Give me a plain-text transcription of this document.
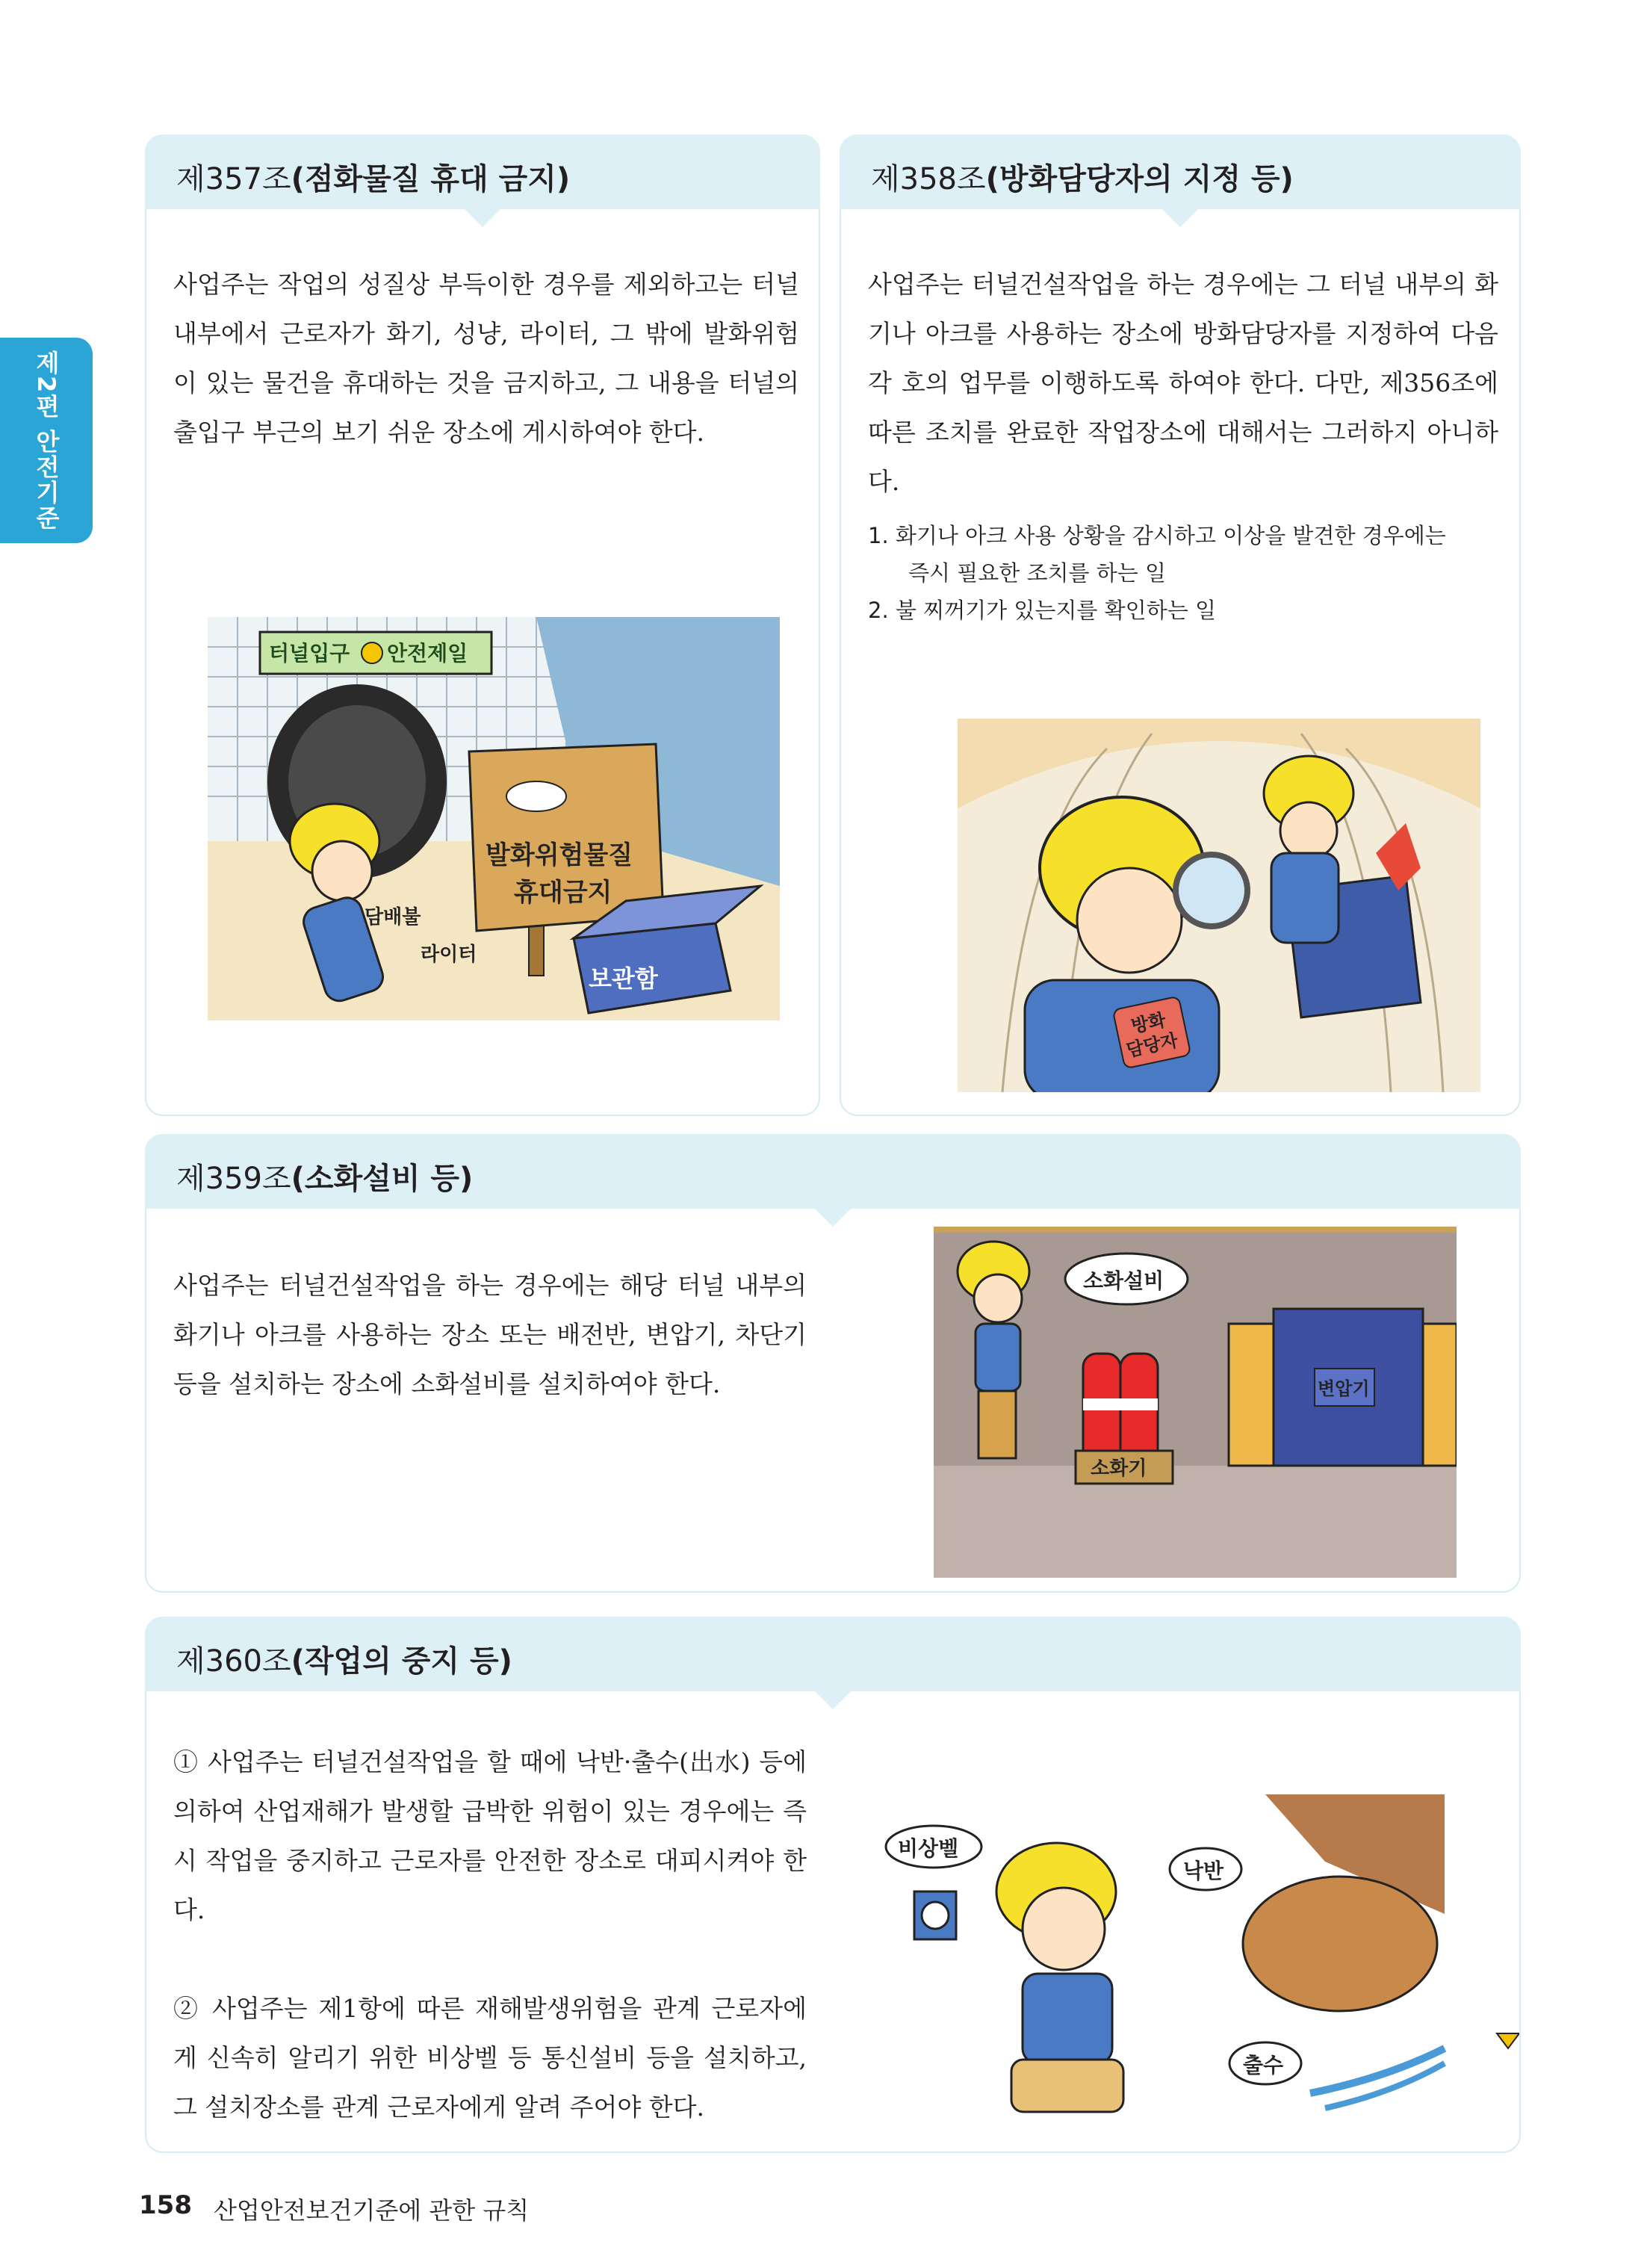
제2편 안전기준
제357조(점화물질 휴대 금지)
사업주는 작업의 성질상 부득이한 경우를 제외하고는 터널 내부에서 근로자가 화기, 성냥, 라이터, 그 밖에 발화위험이 있는 물건을 휴대하는 것을 금지하고, 그 내용을 터널의 출입구 부근의 보기 쉬운 장소에 게시하여야 한다.
터널입구 안전제일
발화위험물질
휴대금지
담배불
라이터
보관함
제358조(방화담당자의 지정 등)
사업주는 터널건설작업을 하는 경우에는 그 터널 내부의 화기나 아크를 사용하는 장소에 방화담당자를 지정하여 다음 각 호의 업무를 이행하도록 하여야 한다. 다만, 제356조에 따른 조치를 완료한 작업장소에 대해서는 그러하지 아니하다.
1. 화기나 아크 사용 상황을 감시하고 이상을 발견한 경우에는
즉시 필요한 조치를 하는 일
2. 불 찌꺼기가 있는지를 확인하는 일
방화
담당자
제359조(소화설비 등)
사업주는 터널건설작업을 하는 경우에는 해당 터널 내부의 화기나 아크를 사용하는 장소 또는 배전반, 변압기, 차단기 등을 설치하는 장소에 소화설비를 설치하여야 한다.
소화설비
소화기
변압기
제360조(작업의 중지 등)
① 사업주는 터널건설작업을 할 때에 낙반·출수(出水) 등에 의하여 산업재해가 발생할 급박한 위험이 있는 경우에는 즉시 작업을 중지하고 근로자를 안전한 장소로 대피시켜야 한다.
② 사업주는 제1항에 따른 재해발생위험을 관계 근로자에게 신속히 알리기 위한 비상벨 등 통신설비 등을 설치하고, 그 설치장소를 관계 근로자에게 알려 주어야 한다.
비상벨
낙반
출수
158 산업안전보건기준에 관한 규칙
